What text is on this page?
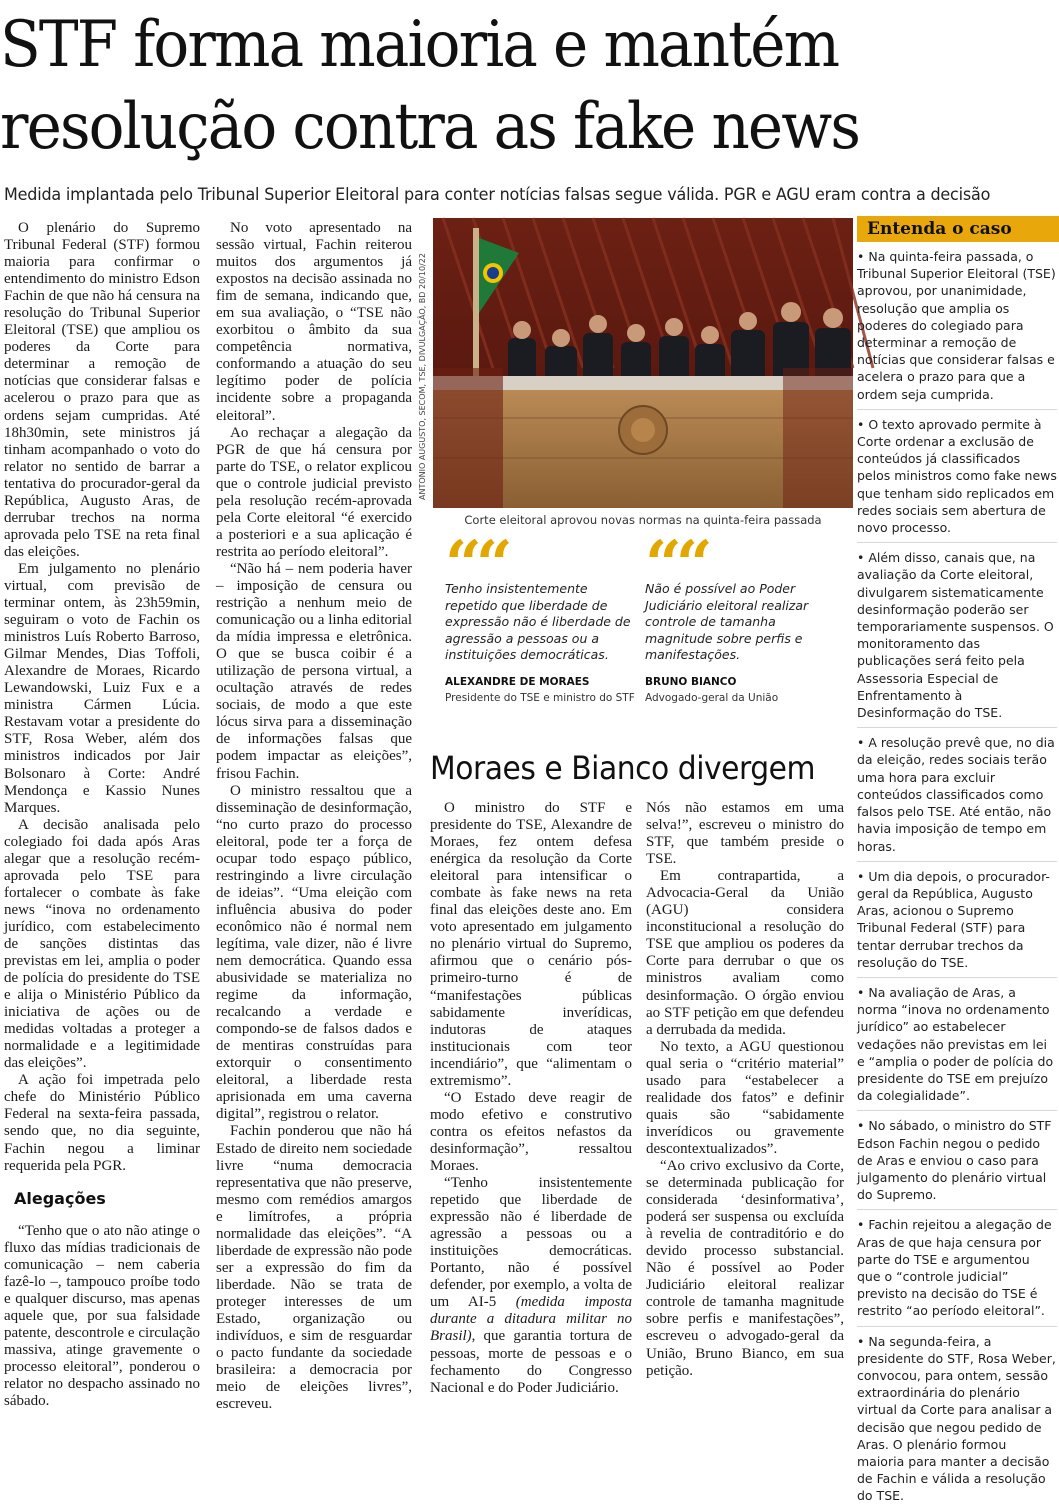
STF forma maioria e mantém
resolução contra as fake news

Medida implantada pelo Tribunal Superior Eleitoral para conter notícias falsas segue válida. PGR e AGU eram contra a decisão

O plenário do Supremo Tribunal Federal (STF) formou maioria para confirmar o entendimento do ministro Edson Fachin de que não há censura na resolução do Tribunal Superior Eleitoral (TSE) que ampliou os poderes da Corte para determinar a remoção de notícias que considerar falsas e acelerou o prazo para que as ordens sejam cumpridas. Até 18h30min, sete ministros já tinham acompanhado o voto do relator no sentido de barrar a tentativa do procurador-geral da República, Augusto Aras, de derrubar trechos na norma aprovada pelo TSE na reta final das eleições.

Em julgamento no plenário virtual, com previsão de terminar ontem, às 23h59min, seguiram o voto de Fachin os ministros Luís Roberto Barroso, Gilmar Mendes, Dias Toffoli, Alexandre de Moraes, Ricardo Lewandowski, Luiz Fux e a ministra Cármen Lúcia. Restavam votar a presidente do STF, Rosa Weber, além dos ministros indicados por Jair Bolsonaro à Corte: André Mendonça e Kassio Nunes Marques.

A decisão analisada pelo colegiado foi dada após Aras alegar que a resolução recém-aprovada pelo TSE para fortalecer o combate às fake news “inova no ordenamento jurídico, com estabelecimento de sanções distintas das previstas em lei, amplia o poder de polícia do presidente do TSE e alija o Ministério Público da iniciativa de ações ou de medidas voltadas a proteger a normalidade e a legitimidade das eleições”.

A ação foi impetrada pelo chefe do Ministério Público Federal na sexta-feira passada, sendo que, no dia seguinte, Fachin negou a liminar requerida pela PGR.

Alegações

“Tenho que o ato não atinge o fluxo das mídias tradicionais de comunicação – nem caberia fazê-lo –, tampouco proíbe todo e qualquer discurso, mas apenas aquele que, por sua falsidade patente, descontrole e circulação massiva, atinge gravemente o processo eleitoral”, ponderou o relator no despacho assinado no sábado.

No voto apresentado na sessão virtual, Fachin reiterou muitos dos argumentos já expostos na decisão assinada no fim de semana, indicando que, em sua avaliação, o “TSE não exorbitou o âmbito da sua competência normativa, conformando a atuação do seu legítimo poder de polícia incidente sobre a propaganda eleitoral”.

Ao rechaçar a alegação da PGR de que há censura por parte do TSE, o relator explicou que o controle judicial previsto pela resolução recém-aprovada pela Corte eleitoral “é exercido a posteriori e a sua aplicação é restrita ao período eleitoral”.

“Não há – nem poderia haver – imposição de censura ou restrição a nenhum meio de comunicação ou a linha editorial da mídia impressa e eletrônica. O que se busca coibir é a utilização de persona virtual, a ocultação através de redes sociais, de modo a que este lócus sirva para a disseminação de informações falsas que podem impactar as eleições”, frisou Fachin.

O ministro ressaltou que a disseminação de desinformação, “no curto prazo do processo eleitoral, pode ter a força de ocupar todo espaço público, restringindo a livre circulação de ideias”. “Uma eleição com influência abusiva do poder econômico não é normal nem legítima, vale dizer, não é livre nem democrática. Quando essa abusividade se materializa no regime da informação, recalcando a verdade e compondo-se de falsos dados e de mentiras construídas para extorquir o consentimento eleitoral, a liberdade resta aprisionada em uma caverna digital”, registrou o relator.

Fachin ponderou que não há Estado de direito nem sociedade livre “numa democracia representativa que não preserve, mesmo com remédios amargos e limítrofes, a própria normalidade das eleições”. “A liberdade de expressão não pode ser a expressão do fim da liberdade. Não se trata de proteger interesses de um Estado, organização ou indivíduos, e sim de resguardar o pacto fundante da sociedade brasileira: a democracia por meio de eleições livres”, escreveu.

ANTONIO AUGUSTO, SECOM, TSE, DIVULGAÇÃO, BD 20/10/22
Corte eleitoral aprovou novas normas na quinta-feira passada
““
Tenho insistentemente repetido que liberdade de expressão não é liberdade de agressão a pessoas ou a instituições democráticas.
ALEXANDRE DE MORAES
Presidente do TSE e ministro do STF
““
Não é possível ao Poder Judiciário eleitoral realizar controle de tamanha magnitude sobre perfis e manifestações.
BRUNO BIANCO
Advogado-geral da União
Moraes e Bianco divergem

O ministro do STF e presidente do TSE, Alexandre de Moraes, fez ontem defesa enérgica da resolução da Corte eleitoral para intensificar o combate às fake news na reta final das eleições deste ano. Em voto apresentado em julgamento no plenário virtual do Supremo, afirmou que o cenário pós-primeiro-turno é de “manifestações públicas sabidamente inverídicas, indutoras de ataques institucionais com teor incendiário”, que “alimentam o extremismo”.

“O Estado deve reagir de modo efetivo e construtivo contra os efeitos nefastos da desinformação”, ressaltou Moraes.

“Tenho insistentemente repetido que liberdade de expressão não é liberdade de agressão a pessoas ou a instituições democráticas. Portanto, não é possível defender, por exemplo, a volta de um AI-5 (medida imposta durante a ditadura militar no Brasil), que garantia tortura de pessoas, morte de pessoas e o fechamento do Congresso Nacional e do Poder Judiciário.

Nós não estamos em uma selva!”, escreveu o ministro do STF, que também preside o TSE.

Em contrapartida, a Advocacia-Geral da União (AGU) considera inconstitucional a resolução do TSE que ampliou os poderes da Corte para derrubar o que os ministros avaliam como desinformação. O órgão enviou ao STF petição em que defendeu a derrubada da medida.

No texto, a AGU questionou qual seria o “critério material” usado para “estabelecer a realidade dos fatos” e definir quais são “sabidamente inverídicos ou gravemente descontextualizados”.

“Ao crivo exclusivo da Corte, se determinada publicação for considerada ‘desinformativa’, poderá ser suspensa ou excluída à revelia de contraditório e do devido processo substancial. Não é possível ao Poder Judiciário eleitoral realizar controle de tamanha magnitude sobre perfis e manifestações”, escreveu o advogado-geral da União, Bruno Bianco, em sua petição.

Entenda o caso

• Na quinta-feira passada, o Tribunal Superior Eleitoral (TSE) aprovou, por unanimidade, resolução que amplia os poderes do colegiado para determinar a remoção de notícias que considerar falsas e acelera o prazo para que a ordem seja cumprida.

• O texto aprovado permite à Corte ordenar a exclusão de conteúdos já classificados pelos ministros como fake news que tenham sido replicados em redes sociais sem abertura de novo processo.

• Além disso, canais que, na avaliação da Corte eleitoral, divulgarem sistematicamente desinformação poderão ser temporariamente suspensos. O monitoramento das publicações será feito pela Assessoria Especial de Enfrentamento à Desinformação do TSE.

• A resolução prevê que, no dia da eleição, redes sociais terão uma hora para excluir conteúdos classificados como falsos pelo TSE. Até então, não havia imposição de tempo em horas.

• Um dia depois, o procurador-geral da República, Augusto Aras, acionou o Supremo Tribunal Federal (STF) para tentar derrubar trechos da resolução do TSE.

• Na avaliação de Aras, a norma “inova no ordenamento jurídico” ao estabelecer vedações não previstas em lei e “amplia o poder de polícia do presidente do TSE em prejuízo da colegialidade”.

• No sábado, o ministro do STF Edson Fachin negou o pedido de Aras e enviou o caso para julgamento do plenário virtual do Supremo.

• Fachin rejeitou a alegação de Aras de que haja censura por parte do TSE e argumentou que o “controle judicial” previsto na decisão do TSE é restrito “ao período eleitoral”.

• Na segunda-feira, a presidente do STF, Rosa Weber, convocou, para ontem, sessão extraordinária do plenário virtual da Corte para analisar a decisão que negou pedido de Aras. O plenário formou maioria para manter a decisão de Fachin e válida a resolução do TSE.
